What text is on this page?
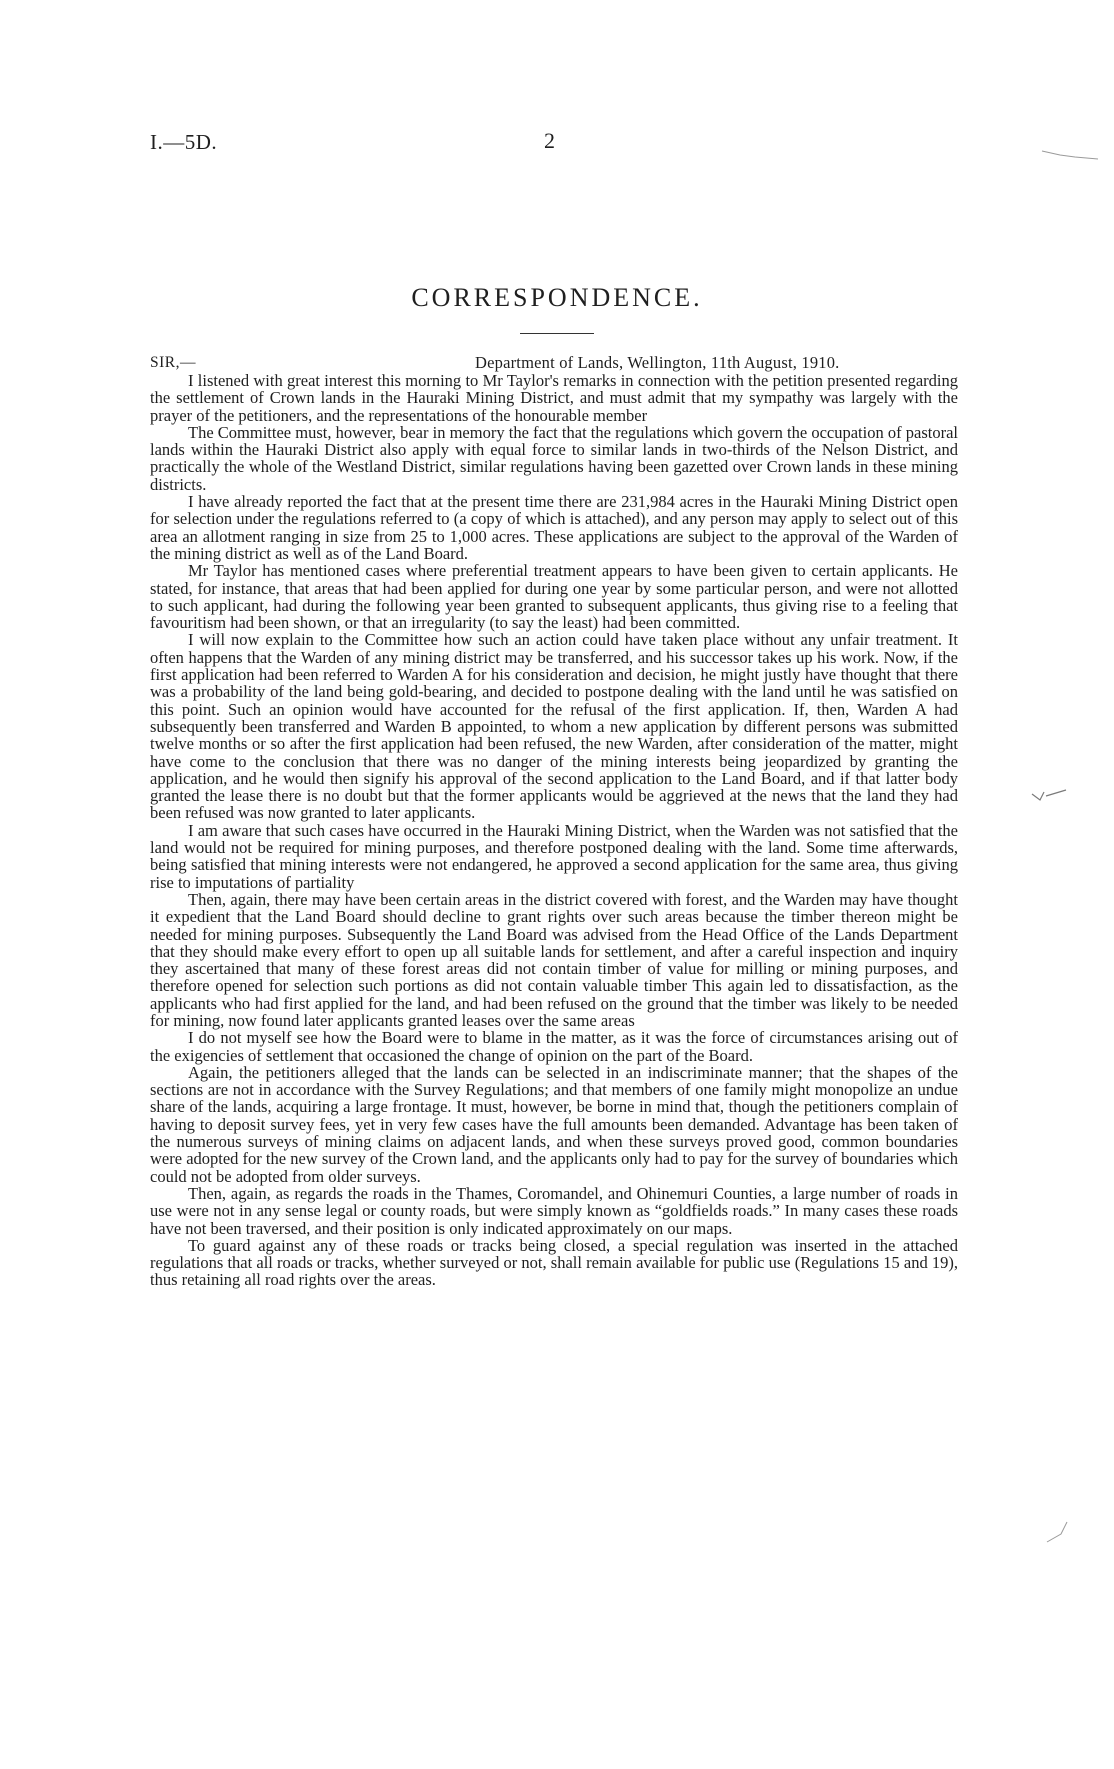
I.—5D.	2
CORRESPONDENCE.
SIR,—	Department of Lands, Wellington, 11th August, 1910.

I listened with great interest this morning to Mr Taylor's remarks in connection with the petition presented regarding the settlement of Crown lands in the Hauraki Mining District, and must admit that my sympathy was largely with the prayer of the petitioners, and the representations of the honourable member

The Committee must, however, bear in memory the fact that the regulations which govern the occupation of pastoral lands within the Hauraki District also apply with equal force to similar lands in two-thirds of the Nelson District, and practically the whole of the Westland District, similar regulations having been gazetted over Crown lands in these mining districts.

I have already reported the fact that at the present time there are 231,984 acres in the Hauraki Mining District open for selection under the regulations referred to (a copy of which is attached), and any person may apply to select out of this area an allotment ranging in size from 25 to 1,000 acres. These applications are subject to the approval of the Warden of the mining district as well as of the Land Board.

Mr Taylor has mentioned cases where preferential treatment appears to have been given to certain applicants. He stated, for instance, that areas that had been applied for during one year by some particular person, and were not allotted to such applicant, had during the following year been granted to subsequent applicants, thus giving rise to a feeling that favouritism had been shown, or that an irregularity (to say the least) had been committed.

I will now explain to the Committee how such an action could have taken place without any unfair treatment. It often happens that the Warden of any mining district may be transferred, and his successor takes up his work. Now, if the first application had been referred to Warden A for his consideration and decision, he might justly have thought that there was a probability of the land being gold-bearing, and decided to postpone dealing with the land until he was satisfied on this point. Such an opinion would have accounted for the refusal of the first application. If, then, Warden A had subsequently been transferred and Warden B appointed, to whom a new application by different persons was submitted twelve months or so after the first application had been refused, the new Warden, after consideration of the matter, might have come to the conclusion that there was no danger of the mining interests being jeopardized by granting the application, and he would then signify his approval of the second application to the Land Board, and if that latter body granted the lease there is no doubt but that the former applicants would be aggrieved at the news that the land they had been refused was now granted to later applicants.

I am aware that such cases have occurred in the Hauraki Mining District, when the Warden was not satisfied that the land would not be required for mining purposes, and therefore postponed dealing with the land. Some time afterwards, being satisfied that mining interests were not endangered, he approved a second application for the same area, thus giving rise to imputations of partiality

Then, again, there may have been certain areas in the district covered with forest, and the Warden may have thought it expedient that the Land Board should decline to grant rights over such areas because the timber thereon might be needed for mining purposes. Subsequently the Land Board was advised from the Head Office of the Lands Department that they should make every effort to open up all suitable lands for settlement, and after a careful inspection and inquiry they ascertained that many of these forest areas did not contain timber of value for milling or mining purposes, and therefore opened for selection such portions as did not contain valuable timber This again led to dissatisfaction, as the applicants who had first applied for the land, and had been refused on the ground that the timber was likely to be needed for mining, now found later applicants granted leases over the same areas

I do not myself see how the Board were to blame in the matter, as it was the force of circumstances arising out of the exigencies of settlement that occasioned the change of opinion on the part of the Board.

Again, the petitioners alleged that the lands can be selected in an indiscriminate manner; that the shapes of the sections are not in accordance with the Survey Regulations; and that members of one family might monopolize an undue share of the lands, acquiring a large frontage. It must, however, be borne in mind that, though the petitioners complain of having to deposit survey fees, yet in very few cases have the full amounts been demanded. Advantage has been taken of the numerous surveys of mining claims on adjacent lands, and when these surveys proved good, common boundaries were adopted for the new survey of the Crown land, and the applicants only had to pay for the survey of boundaries which could not be adopted from older surveys.

Then, again, as regards the roads in the Thames, Coromandel, and Ohinemuri Counties, a large number of roads in use were not in any sense legal or county roads, but were simply known as “goldfields roads.” In many cases these roads have not been traversed, and their position is only indicated approximately on our maps.

To guard against any of these roads or tracks being closed, a special regulation was inserted in the attached regulations that all roads or tracks, whether surveyed or not, shall remain available for public use (Regulations 15 and 19), thus retaining all road rights over the areas.
